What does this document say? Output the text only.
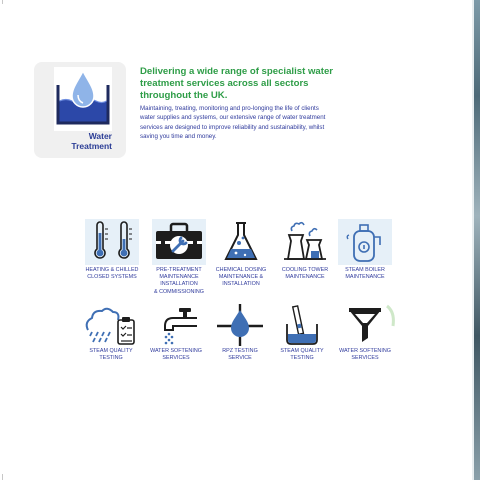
Water
Treatment
Delivering a wide range of specialist water treatment services across all sectors throughout the UK.
Maintaining, treating, monitoring and pro-longing the life of clients water supplies and systems, our extensive range of water treatment services are designed to improve reliability and sustainability, whilst saving you time and money.
HEATING & CHILLED
CLOSED SYSTEMS
PRE-TREATMENT
MAINTENANCE
INSTALLATION
& COMMISSIONING
CHEMICAL DOSING
MAINTENANCE &
INSTALLATION
COOLING TOWER
MAINTENANCE
STEAM BOILER
MAINTENANCE
STEAM QUALITY
TESTING
WATER SOFTENING
SERVICES
RPZ TESTING
SERVICE
STEAM QUALITY
TESTING
WATER SOFTENING
SERVICES
